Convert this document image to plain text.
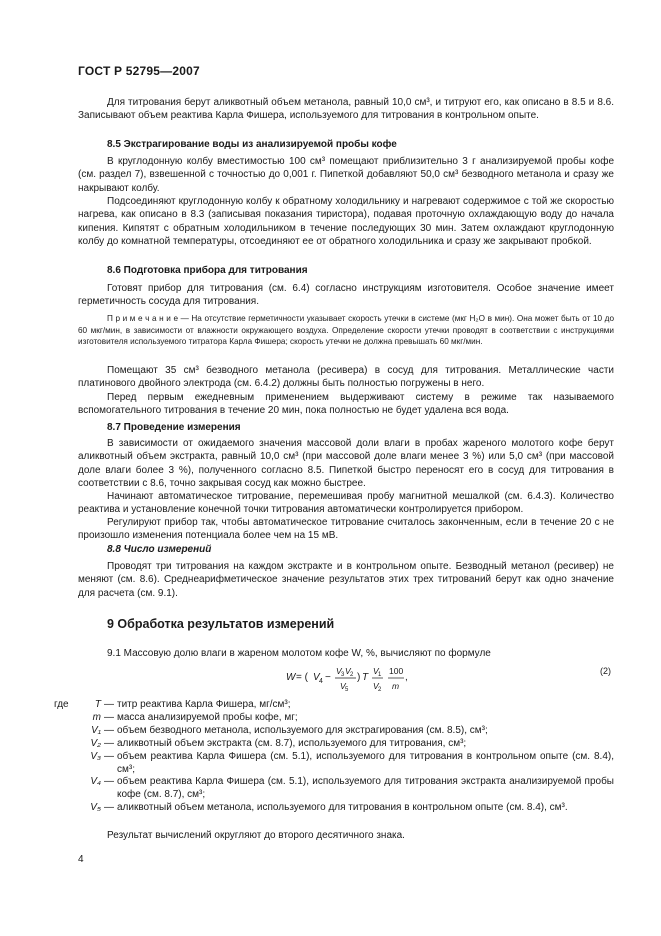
ГОСТ Р 52795—2007
Для титрования берут аликвотный объем метанола, равный 10,0 см³, и титруют его, как описано в 8.5 и 8.6. Записывают объем реактива Карла Фишера, используемого для титрования в контрольном опыте.
8.5 Экстрагирование воды из анализируемой пробы кофе
В круглодонную колбу вместимостью 100 см³ помещают приблизительно 3 г анализируемой пробы кофе (см. раздел 7), взвешенной с точностью до 0,001 г. Пипеткой добавляют 50,0 см³ безводного метанола и сразу же накрывают колбу.
Подсоединяют круглодонную колбу к обратному холодильнику и нагревают содержимое с той же скоростью нагрева, как описано в 8.3 (записывая показания тиристора), подавая проточную охлаждающую воду до начала кипения. Кипятят с обратным холодильником в течение последующих 30 мин. Затем охлаждают круглодонную колбу до комнатной температуры, отсоединяют ее от обратного холодильника и сразу же закрывают пробкой.
8.6 Подготовка прибора для титрования
Готовят прибор для титрования (см. 6.4) согласно инструкциям изготовителя. Особое значение имеет герметичность сосуда для титрования.
П р и м е ч а н и е — На отсутствие герметичности указывает скорость утечки в системе (мкг H₂O в мин). Она может быть от 10 до 60 мкг/мин, в зависимости от влажности окружающего воздуха. Определение скорости утечки проводят в соответствии с инструкциями изготовителя используемого титратора Карла Фишера; скорость утечки не должна превышать 60 мкг/мин.
Помещают 35 см³ безводного метанола (ресивера) в сосуд для титрования. Металлические части платинового двойного электрода (см. 6.4.2) должны быть полностью погружены в него.
Перед первым ежедневным применением выдерживают систему в режиме так называемого вспомогательного титрования в течение 20 мин, пока полностью не будет удалена вся вода.
8.7 Проведение измерения
В зависимости от ожидаемого значения массовой доли влаги в пробах жареного молотого кофе берут аликвотный объем экстракта, равный 10,0 см³ (при массовой доле влаги менее 3 %) или 5,0 см³ (при массовой доле влаги более 3 %), полученного согласно 8.5. Пипеткой быстро переносят его в сосуд для титрования в соответствии с 8.6, точно закрывая сосуд как можно быстрее.
Начинают автоматическое титрование, перемешивая пробу магнитной мешалкой (см. 6.4.3). Количество реактива и установление конечной точки титрования автоматически контролируется прибором.
Регулируют прибор так, чтобы автоматическое титрование считалось законченным, если в течение 20 с не произошло изменения потенциала более чем на 15 мВ.
8.8 Число измерений
Проводят три титрования на каждом экстракте и в контрольном опыте. Безводный метанол (ресивер) не меняют (см. 8.6). Среднеарифметическое значение результатов этих трех титрований берут как одно значение для расчета (см. 9.1).
9 Обработка результатов измерений
9.1 Массовую долю влаги в жареном молотом кофе W, %, вычисляют по формуле
W = ( V 4 −
V 3 V 2
V 5
) T
V 1
V 2
100
m
,
(2)
где	T — титр реактива Карла Фишера, мг/см³;
m — масса анализируемой пробы кофе, мг;
V₁ — объем безводного метанола, используемого для экстрагирования (см. 8.5), см³;
V₂ — аликвотный объем экстракта (см. 8.7), используемого для титрования, см³;
V₃ — объем реактива Карла Фишера (см. 5.1), используемого для титрования в контрольном опыте (см. 8.4), см³;
V₄ — объем реактива Карла Фишера (см. 5.1), используемого для титрования экстракта анализируемой пробы кофе (см. 8.7), см³;
V₅ — аликвотный объем метанола, используемого для титрования в контрольном опыте (см. 8.4), см³.
Результат вычислений округляют до второго десятичного знака.
4
